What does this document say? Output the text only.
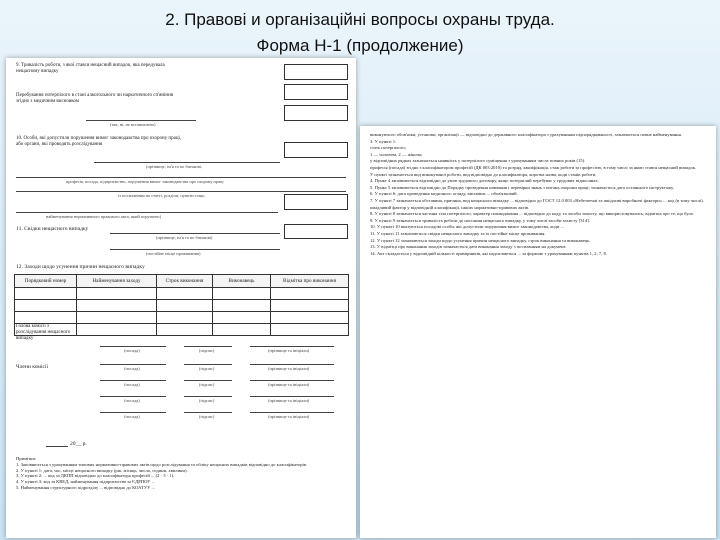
2. Правові и організаційні вопросы охраны труда.
Форма Н-1 (продолжение)
9. Тривалість роботи, з якої стався нещасний випадок, яка передувала нещасному випадку
Перебування потерпілого в стані алкогольного чи наркотичного сп'яніння згідно з медичним висновком
(так, ні, не встановлено)
10. Особи, які допустили порушення вимог законодавства про охорону праці, або органи, які проводять розслідування
(прізвище, ім'я та по батькові,
професія, посада, підприємство, порушення вимог законодавства про охорону праці
із посиланням на статті, розділи, пункти тощо,
найменування нормативного правового акта, який порушено)
11. Свідки нещасного випадку
(прізвище, ім'я та по батькові)
(постійне місце проживання)
12. Заходи щодо усунення причин нещасного випадку
Порядковий номер	Найменування заходу	Строк виконання	Виконавець	Відмітка про виконання

Голова комісії з розслідування нещасного випадку
(посада)	(підпис)	(прізвище та ініціали)
Члени комісії	(посада)	(підпис)	(прізвище та ініціали)
(посада)	(підпис)	(прізвище та ініціали)
(посада)	(підпис)	(прізвище та ініціали)
(посада)	(підпис)	(прізвище та ініціали)
20__ р.
Примітки:
1. Заповнюється з урахуванням типових нормативно-правових актів щодо розслідування та обліку нещасних випадків відповідно до класифікаторів.
2. У пункті 1: дата, час, місце нещасного випадку (рік, місяць, число, години, хвилини).
3. У пункті 2: ... код за ДКПП відповідно до класифікатора професій ... (2 · 3 · 1).
4. У пункті 3: код за КВЕД, найменування підприємства за ЄДРПОУ ...
5. Найменування структурного підрозділу ... відповідно до КОАТУУ ...

виконуючого обов'язки, установи, організації — відповідно до державного класифікатора з урахуванням підпорядкованості, зазначається повне найменування.

3. У пункті 1:

стать потерпілого;

1 — чоловіча, 2 — жіноча;

у відповідних рядках зазначається наявність у потерпілого суміщення з урахуванням числа повних років (15).

професія (посада) згідно з класифікатором професій (ДК 003:2010) та розряд, кваліфікація, стаж роботи за професією, в тому числі за якою стався нещасний випадок.

У пункті зазначається вид виконуваної роботи, вид відповідно до класифікатора, коротка назва, коди станів роботи.

4. Пункт 4 заповнюється відповідно до умов трудового договору, якщо потерпілий перебуває у трудових відносинах.

5. Пункт 5 заповнюється відповідно до Порядку проведення навчання і перевірки знань з питань охорони праці; зазначається дата останнього інструктажу.

6. У пункті 6: дата проведення медичного огляду, висновок ... обов'язковий.

7. У пункті 7 зазначається обставина, причина, вид нещасного випадку ... відповідно до ГОСТ 12.0.003 «Небезпечні та шкідливі виробничі фактори» ... код (в тому числі).

шкідливий фактор у відповідній класифікації, інших нормативно-правових актів.

8. У пункті 8 зазначається частина тіла потерпілого, характер пошкодження ... відповідно до коду, та засоби захисту, що використовувались, відмітка про те, що було.

9. У пункті 9 зазначається тривалість роботи до настання нещасного випадку, у тому числі засоби захисту [314].

10. У пункті 10 вказуються посадові особи, які допустили порушення вимог законодавства, коди ...

11. У пункті 11 зазначаються свідки нещасного випадку та їх постійне місце проживання.

12. У пункті 12 зазначаються заходи щодо усунення причин нещасного випадку, строк виконання та виконавець.

13. У відмітці про виконання заходів зазначається дата виконання заходу з посиланням на документ.

14. Акт складається у відповідній кількості примірників, які надсилаються ... за формою з урахуванням пунктів 1, 2, 7, 8.
